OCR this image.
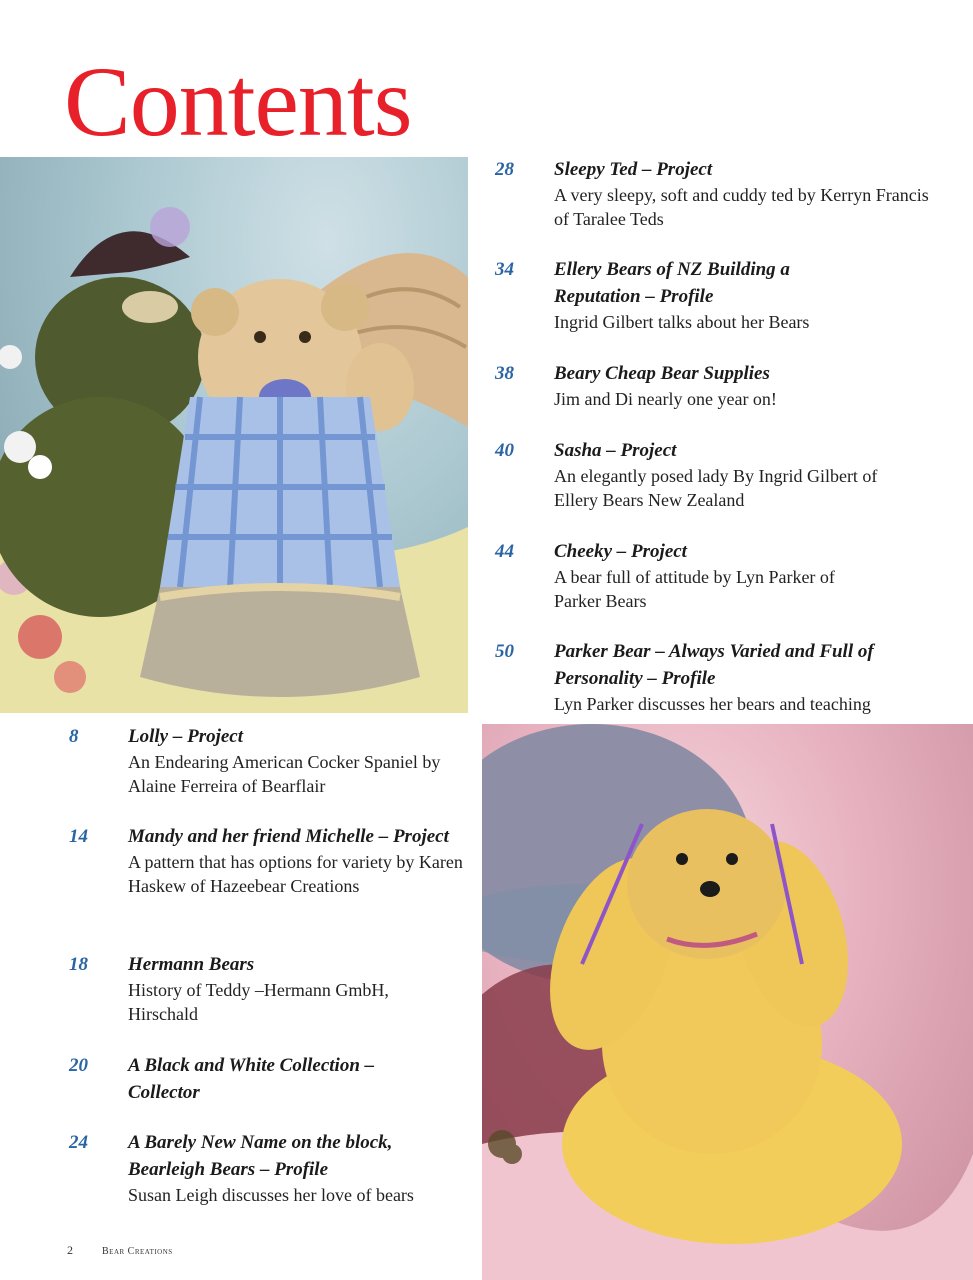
Contents
28 Sleepy Ted – Project
A very sleepy, soft and cuddy ted by Kerryn Francis of Taralee Teds
34 Ellery Bears of NZ Building a Reputation – Profile
Ingrid Gilbert talks about her Bears
38 Beary Cheap Bear Supplies
Jim and Di nearly one year on!
40 Sasha – Project
An elegantly posed lady By Ingrid Gilbert of Ellery Bears New Zealand
44 Cheeky – Project
A bear full of attitude by Lyn Parker of Parker Bears
50 Parker Bear – Always Varied and Full of Personality – Profile
Lyn Parker discusses her bears and teaching
8	Lolly – Project
An Endearing American Cocker Spaniel by Alaine Ferreira of Bearflair
14 Mandy and her friend Michelle – Project
A pattern that has options for variety by Karen Haskew of Hazeebear Creations
18 Hermann Bears
History of Teddy –Hermann GmbH, Hirschald
20 A Black and White Collection – Collector
24 A Barely New Name on the block, Bearleigh Bears – Profile
Susan Leigh discusses her love of bears
2	Bear Creations
